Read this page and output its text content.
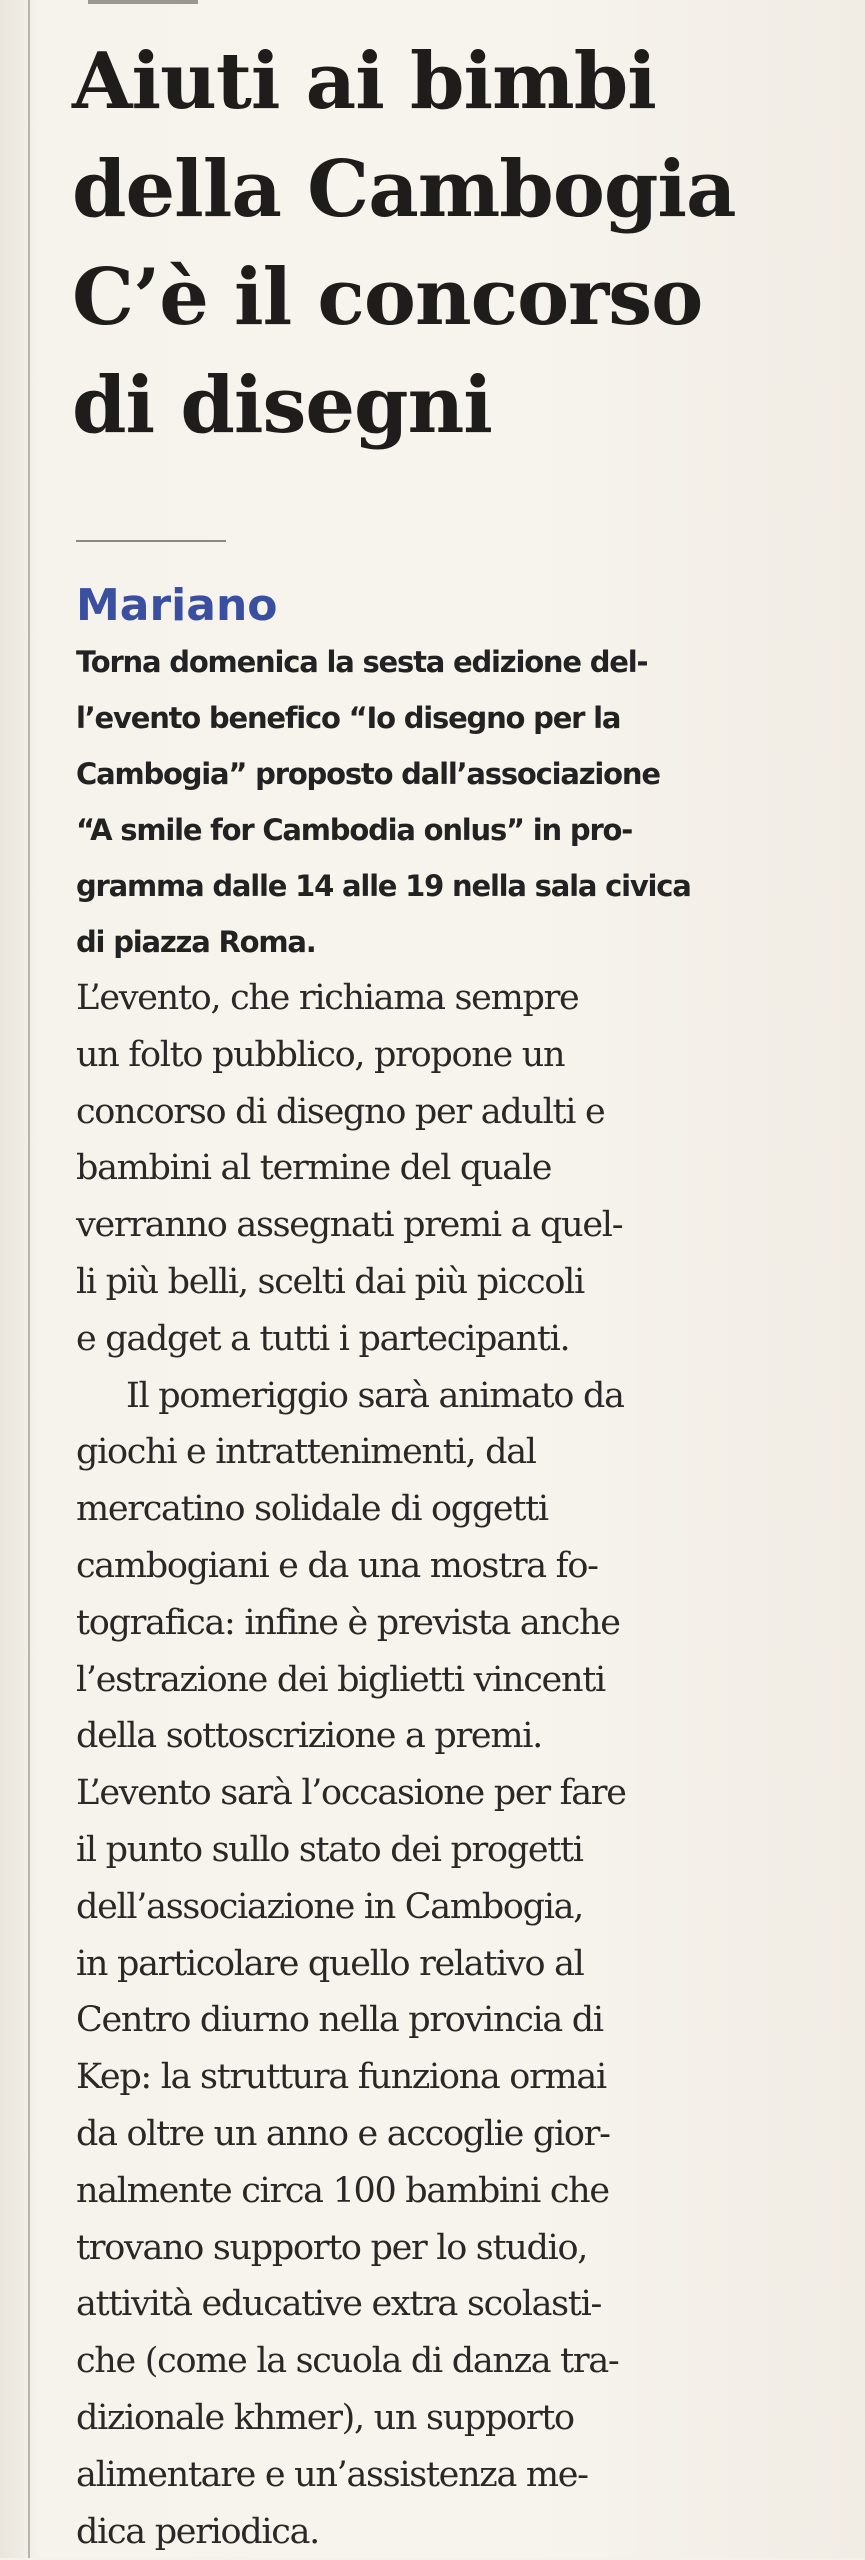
Aiuti ai bimbi
della Cambogia
C’è il concorso
di disegni
Mariano
Torna domenica la sesta edizione del-
l’evento benefico “Io disegno per la
Cambogia” proposto dall’associazione
“A smile for Cambodia onlus” in pro-
gramma dalle 14 alle 19 nella sala civica
di piazza Roma.
L’evento, che richiama sempre
un folto pubblico, propone un
concorso di disegno per adulti e
bambini al termine del quale
verranno assegnati premi a quel-
li più belli, scelti dai più piccoli
e gadget a tutti i partecipanti.
Il pomeriggio sarà animato da
giochi e intrattenimenti, dal
mercatino solidale di oggetti
cambogiani e da una mostra fo-
tografica: infine è prevista anche
l’estrazione dei biglietti vincenti
della sottoscrizione a premi.
L’evento sarà l’occasione per fare
il punto sullo stato dei progetti
dell’associazione in Cambogia,
in particolare quello relativo al
Centro diurno nella provincia di
Kep: la struttura funziona ormai
da oltre un anno e accoglie gior-
nalmente circa 100 bambini che
trovano supporto per lo studio,
attività educative extra scolasti-
che (come la scuola di danza tra-
dizionale khmer), un supporto
alimentare e un’assistenza me-
dica periodica.
